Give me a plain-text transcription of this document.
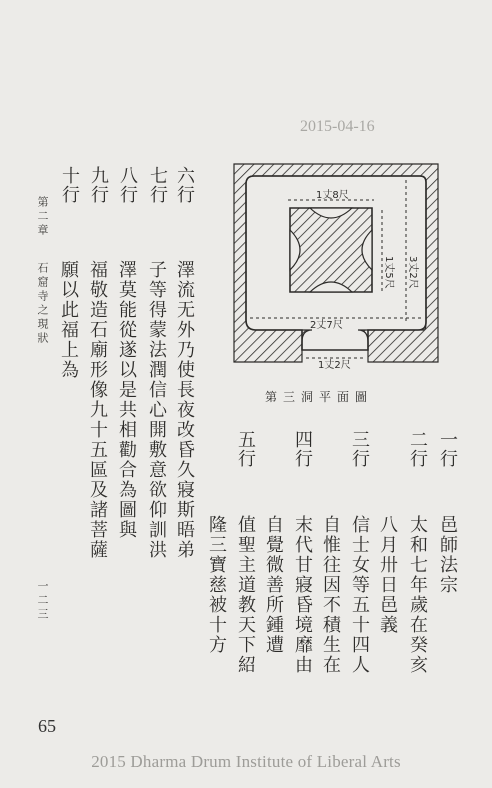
2015-04-16
六行
七行
八行
九行
十行
澤流无外乃使長夜改昏久寢斯晤弟
子等得蒙法潤信心開敷意欲仰訓洪
澤莫能從遂以是共相勸合為圖與
福敬造石廟形像九十五區及諸菩薩
願以此福上為
第二章
石窟寺之現狀
一二三
1丈8尺
1丈5尺 3丈2尺
2丈7尺
1丈2尺
第三洞平面圖
一行
二行
三行
四行
五行
邑師法宗
太和七年歲在癸亥
八月卅日邑義
信士女等五十四人
自惟往因不積生在
末代甘寢昏境靡由
自覺微善所鍾遭
值聖主道教天下紹
隆三寶慈被十方
65
2015 Dharma Drum Institute of Liberal Arts
